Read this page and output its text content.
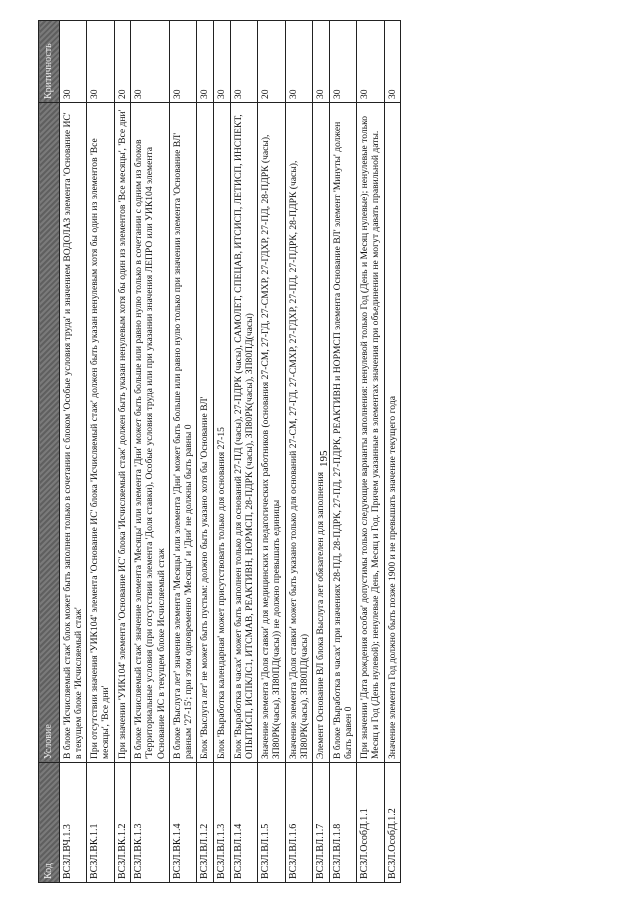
195
Код	Условие	Критичность
ВСЗЛ.ВЧ.1.3	В блоке 'Исчисляемый стаж' блок может быть заполнен только в сочетании с блоком 'Особые условия труда' и значением ВОДОЛАЗ элемента 'Основание ИС' в текущем блоке 'Исчисляемый стаж'	30
ВСЗЛ.ВК.1.1	При отсутствии значения 'УИК104' элемента 'Основание ИС' блока 'Исчисляемый стаж' должен быть указан ненулевым хотя бы один из элементов 'Все месяцы', 'Все дни'	30
ВСЗЛ.ВК.1.2	При значении 'УИК104' элемента 'Основание ИС' блока 'Исчисляемый стаж' должен быть указан ненулевым хотя бы один из элементов 'Все месяцы', 'Все дни'	20
ВСЗЛ.ВК.1.3	В блоке 'Исчисляемый стаж' значение элемента 'Месяцы' или элемента 'Дни' может быть больше или равно нулю только в сочетании с одним из блоков 'Территориальные условия (при отсутствии элемента 'Доля ставки), Особые условия труда или при указании значения ЛЕПРО или УИК104 элемента Основание ИС в текущем блоке Исчисляемый стаж	30
ВСЗЛ.ВК.1.4	В блоке 'Выслуга лет' значение элемента 'Месяцы' или элемента 'Дни' может быть больше или равно нулю только при значении элемента 'Основание ВЛ' равным '27-15'; при этом одновременно 'Месяцы' и 'Дни' не должны быть равны 0	30
ВСЗЛ.ВЛ.1.2	Блок 'Выслуга лет' не может быть пустым: должно быть указано хотя бы 'Основание ВЛ'	30
ВСЗЛ.ВЛ.1.3	Блок 'Выработка календарная' может присутствовать только для основания 27-15	30
ВСЗЛ.ВЛ.1.4	Блок 'Выработка в часах' может быть заполнен только для оснований 27-ПД (часы), 27-ПДРК (часы), САМОЛЕТ, СПЕЦАВ, ИТСИСП, ЛЕТИСП, ИНСПЕКТ, ОПЫТИСП, ИСПКЛС1, ИТСМАВ, РЕАКТИВН, НОРМСП, 28-ПДРК (часы), ЗП80РК(часы), ЗП80ПД(часы)	30
ВСЗЛ.ВЛ.1.5	Значение элемента 'Доля ставки' для медицинских и педагогических работников (основания 27-СМ, 27-ГД, 27-СМХР, 27-ГДХР, 27-ПД, 28-ПДРК (часы), ЗП80РК(часы), ЗП80ПД(часы)) не должно превышать единицы	20
ВСЗЛ.ВЛ.1.6	Значение элемента 'Доля ставки' может быть указано только для оснований 27-СМ, 27-ГД, 27-СМХР, 27-ГДХР, 27-ПД, 27-ПДРК, 28-ПДРК (часы), ЗП80РК(часы), ЗП80ПД(часы)	30
ВСЗЛ.ВЛ.1.7	Элемент Основание ВЛ блока Выслуга лет обязателен для заполнения	30
ВСЗЛ.ВЛ.1.8	В блоке 'Выработка в часах' при значениях 28-ПД, 28-ПДРК, 27-ПД, 27-ПДРК, РЕАКТИВН и НОРМСП элемента Основание ВЛ' элемент 'Минуты' должен быть равен 0	30
ВСЗЛ.ОсобД.1.1	При значении 'Дата рождения особая' допустимы только следующие варианты заполнения: ненулевой только Год (День и Месяц нулевые); ненулевые только Месяц и Год (День нулевой); ненулевые День, Месяц и Год. Причем указанные в элементах значения при объединении не могут давать правильной даты.	30
ВСЗЛ.ОсобД.1.2	Значение элемента Год должно быть позже 1900 и не превышать значение текущего года	30
